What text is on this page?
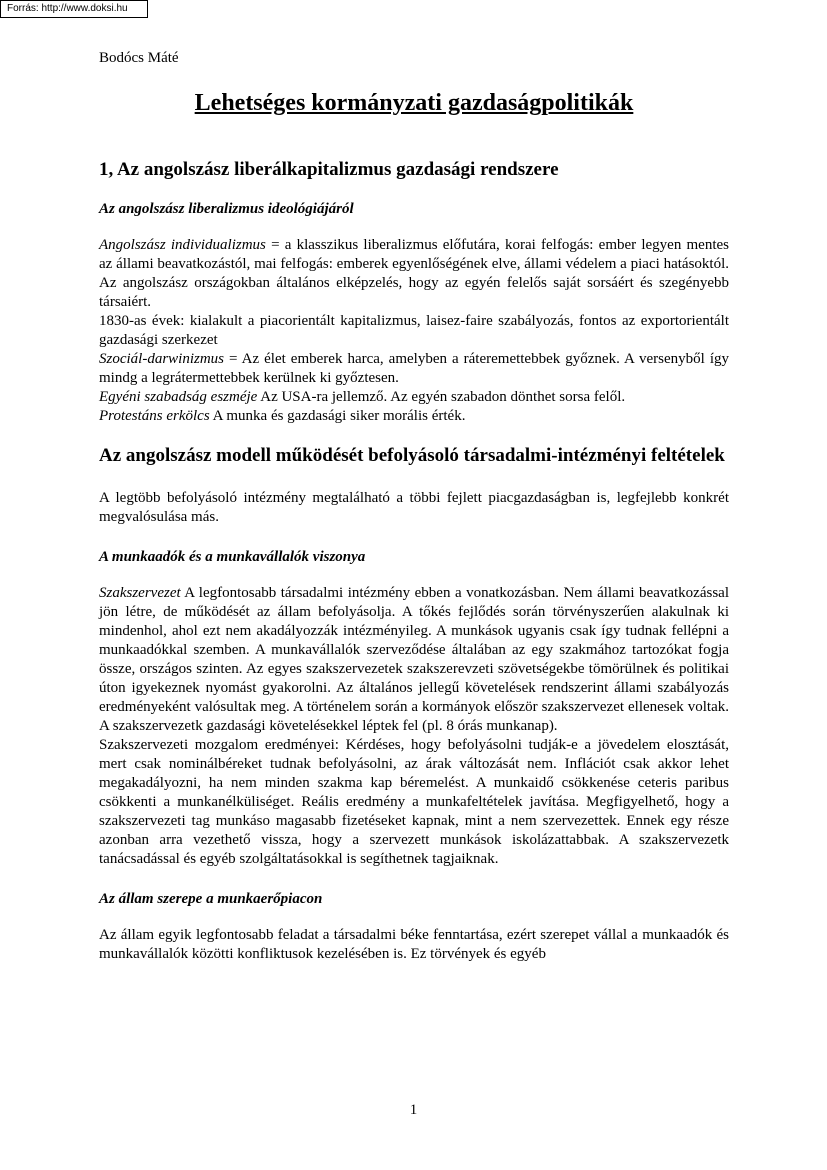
Forrás: http://www.doksi.hu
Bodócs Máté
Lehetséges kormányzati gazdaságpolitikák
1, Az angolszász liberálkapitalizmus gazdasági rendszere
Az angolszász liberalizmus ideológiájáról

Angolszász individualizmus = a klasszikus liberalizmus előfutára, korai felfogás: ember legyen mentes az állami beavatkozástól, mai felfogás: emberek egyenlőségének elve, állami védelem a piaci hatásoktól. Az angolszász országokban általános elképzelés, hogy az egyén felelős saját sorsáért és szegényebb társaiért.

1830-as évek: kialakult a piacorientált kapitalizmus, laisez-faire szabályozás, fontos az exportorientált gazdasági szerkezet

Szociál-darwinizmus = Az élet emberek harca, amelyben a ráteremettebbek győznek. A versenyből így mindg a legrátermettebbek kerülnek ki győztesen.

Egyéni szabadság eszméje Az USA-ra jellemző. Az egyén szabadon dönthet sorsa felől.

Protestáns erkölcs A munka és gazdasági siker morális érték.

Az angolszász modell működését befolyásoló társadalmi-intézményi feltételek

A legtöbb befolyásoló intézmény megtalálható a többi fejlett piacgazdaságban is, legfejlebb konkrét megvalósulása más.

A munkaadók és a munkavállalók viszonya

Szakszervezet A legfontosabb társadalmi intézmény ebben a vonatkozásban. Nem állami beavatkozással jön létre, de működését az állam befolyásolja. A tőkés fejlődés során törvényszerűen alakulnak ki mindenhol, ahol ezt nem akadályozzák intézményileg. A munkások ugyanis csak így tudnak fellépni a munkaadókkal szemben. A munkavállalók szerveződése általában az egy szakmához tartozókat fogja össze, országos szinten. Az egyes szakszervezetek szakszerevzeti szövetségekbe tömörülnek és politikai úton igyekeznek nyomást gyakorolni. Az általános jellegű követelések rendszerint állami szabályozás eredményeként valósultak meg. A történelem során a kormányok először szakszervezet ellenesek voltak. A szakszervezetk gazdasági követelésekkel léptek fel (pl. 8 órás munkanap).

Szakszervezeti mozgalom eredményei: Kérdéses, hogy befolyásolni tudják-e a jövedelem elosztását, mert csak nominálbéreket tudnak befolyásolni, az árak változását nem. Inflációt csak akkor lehet megakadályozni, ha nem minden szakma kap béremelést. A munkaidő csökkenése ceteris paribus csökkenti a munkanélküliséget. Reális eredmény a munkafeltételek javítása. Megfigyelhető, hogy a szakszervezeti tag munkáso magasabb fizetéseket kapnak, mint a nem szervezettek. Ennek egy része azonban arra vezethető vissza, hogy a szervezett munkások iskolázattabbak. A szakszervezetk tanácsadással és egyéb szolgáltatásokkal is segíthetnek tagjaiknak.

Az állam szerepe a munkaerőpiacon

Az állam egyik legfontosabb feladat a társadalmi béke fenntartása, ezért szerepet vállal a munkaadók és munkavállalók közötti konfliktusok kezelésében is. Ez törvények és egyéb

1
